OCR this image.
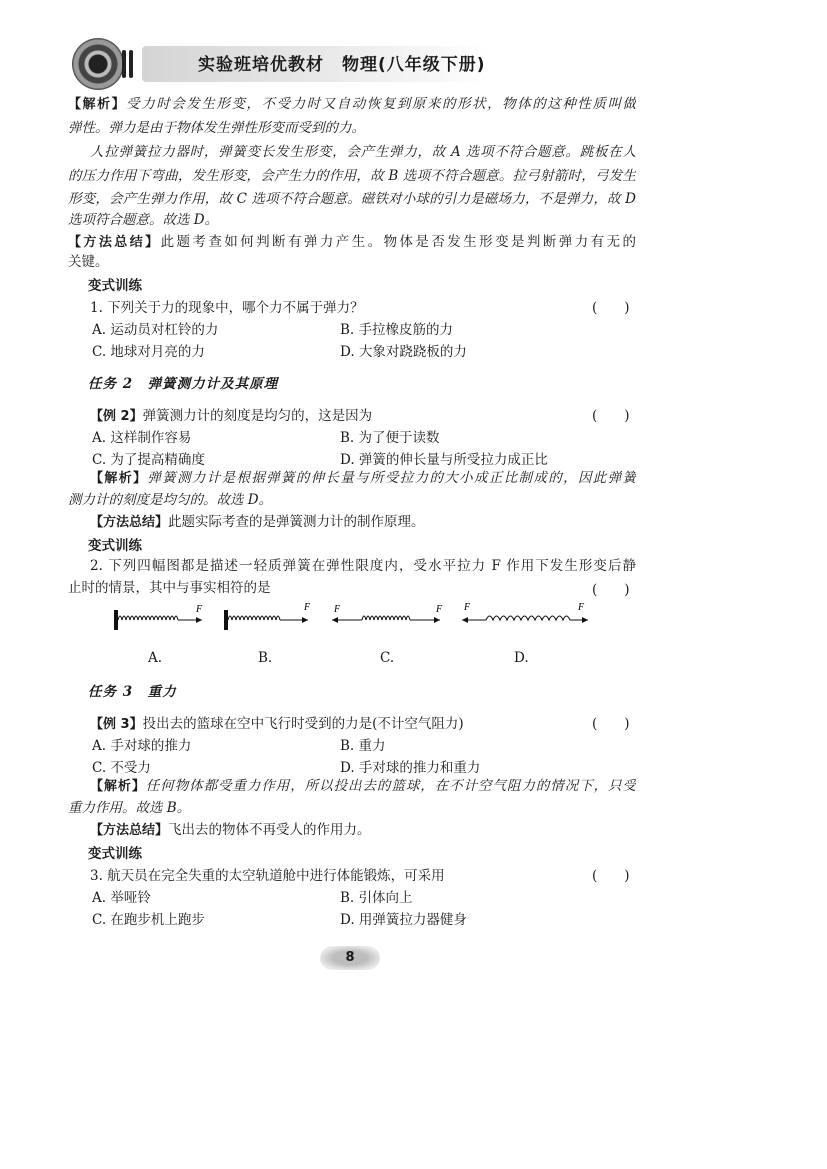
实验班培优教材　物理(八年级下册)
【解析】受力时会发生形变，不受力时又自动恢复到原来的形状，物体的这种性质叫做
弹性。弹力是由于物体发生弹性形变而受到的力。
人拉弹簧拉力器时，弹簧变长发生形变，会产生弹力，故 A 选项不符合题意。跳板在人
的压力作用下弯曲，发生形变，会产生力的作用，故 B 选项不符合题意。拉弓射箭时，弓发生
形变，会产生弹力作用，故 C 选项不符合题意。磁铁对小球的引力是磁场力，不是弹力，故 D
选项符合题意。故选 D。
【方法总结】此题考查如何判断有弹力产生。物体是否发生形变是判断弹力有无的
关键。
变式训练
1. 下列关于力的现象中，哪个力不属于弹力？	(　　)
A. 运动员对杠铃的力	B. 手拉橡皮筋的力
C. 地球对月亮的力	D. 大象对跷跷板的力
任务 2　弹簧测力计及其原理
【例 2】弹簧测力计的刻度是均匀的，这是因为	(　　)
A. 这样制作容易	B. 为了便于读数
C. 为了提高精确度	D. 弹簧的伸长量与所受拉力成正比
【解析】弹簧测力计是根据弹簧的伸长量与所受拉力的大小成正比制成的，因此弹簧
测力计的刻度是均匀的。故选 D。
【方法总结】此题实际考查的是弹簧测力计的制作原理。
变式训练
2. 下列四幅图都是描述一轻质弹簧在弹性限度内，受水平拉力 F 作用下发生形变后静
止时的情景，其中与事实相符的是	(　　)
F	F F	F F	F
A.	B.	C.	D.
任务 3　重力
【例 3】投出去的篮球在空中飞行时受到的力是(不计空气阻力)	(　　)
A. 手对球的推力	B. 重力
C. 不受力	D. 手对球的推力和重力
【解析】任何物体都受重力作用，所以投出去的篮球，在不计空气阻力的情况下，只受
重力作用。故选 B。
【方法总结】飞出去的物体不再受人的作用力。
变式训练
3. 航天员在完全失重的太空轨道舱中进行体能锻炼，可采用	(　　)
A. 举哑铃	B. 引体向上
C. 在跑步机上跑步	D. 用弹簧拉力器健身
8
